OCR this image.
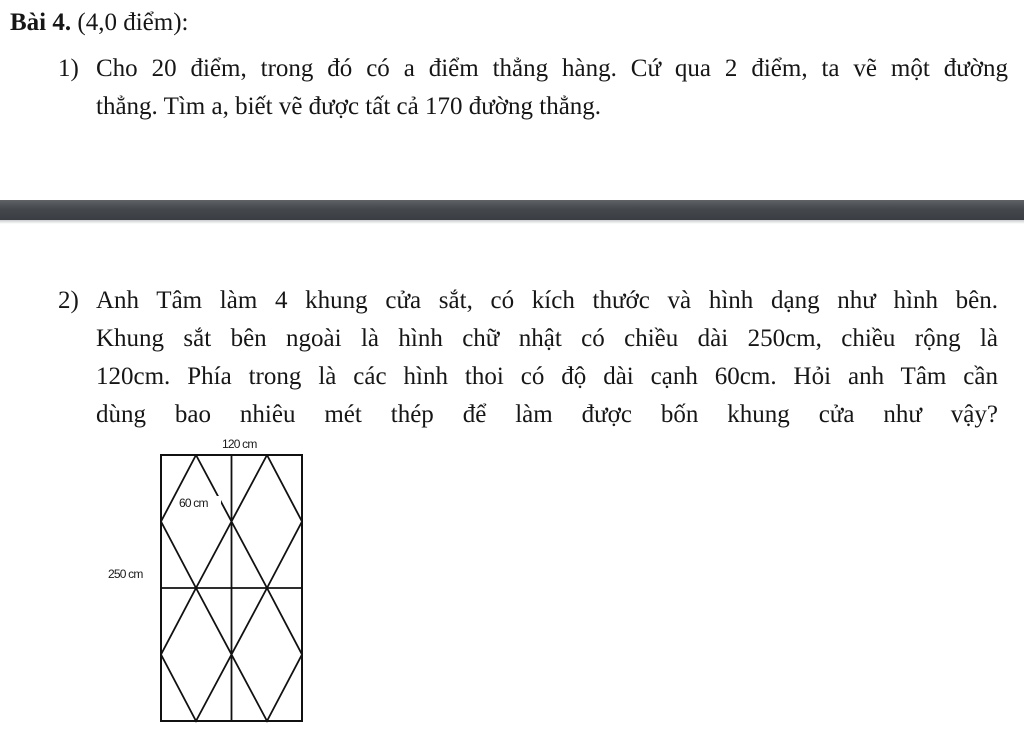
Bài 4. (4,0 điểm):
1) Cho 20 điểm, trong đó có a điểm thẳng hàng. Cứ qua 2 điểm, ta vẽ một đường
thẳng. Tìm a, biết vẽ được tất cả 170 đường thẳng.
2) Anh Tâm làm 4 khung cửa sắt, có kích thước và hình dạng như hình bên.
Khung sắt bên ngoài là hình chữ nhật có chiều dài 250cm, chiều rộng là
120cm. Phía trong là các hình thoi có độ dài cạnh 60cm. Hỏi anh Tâm cần
dùng bao nhiêu mét thép để làm được bốn khung cửa như vậy?
120 cm
60 cm
250 cm
